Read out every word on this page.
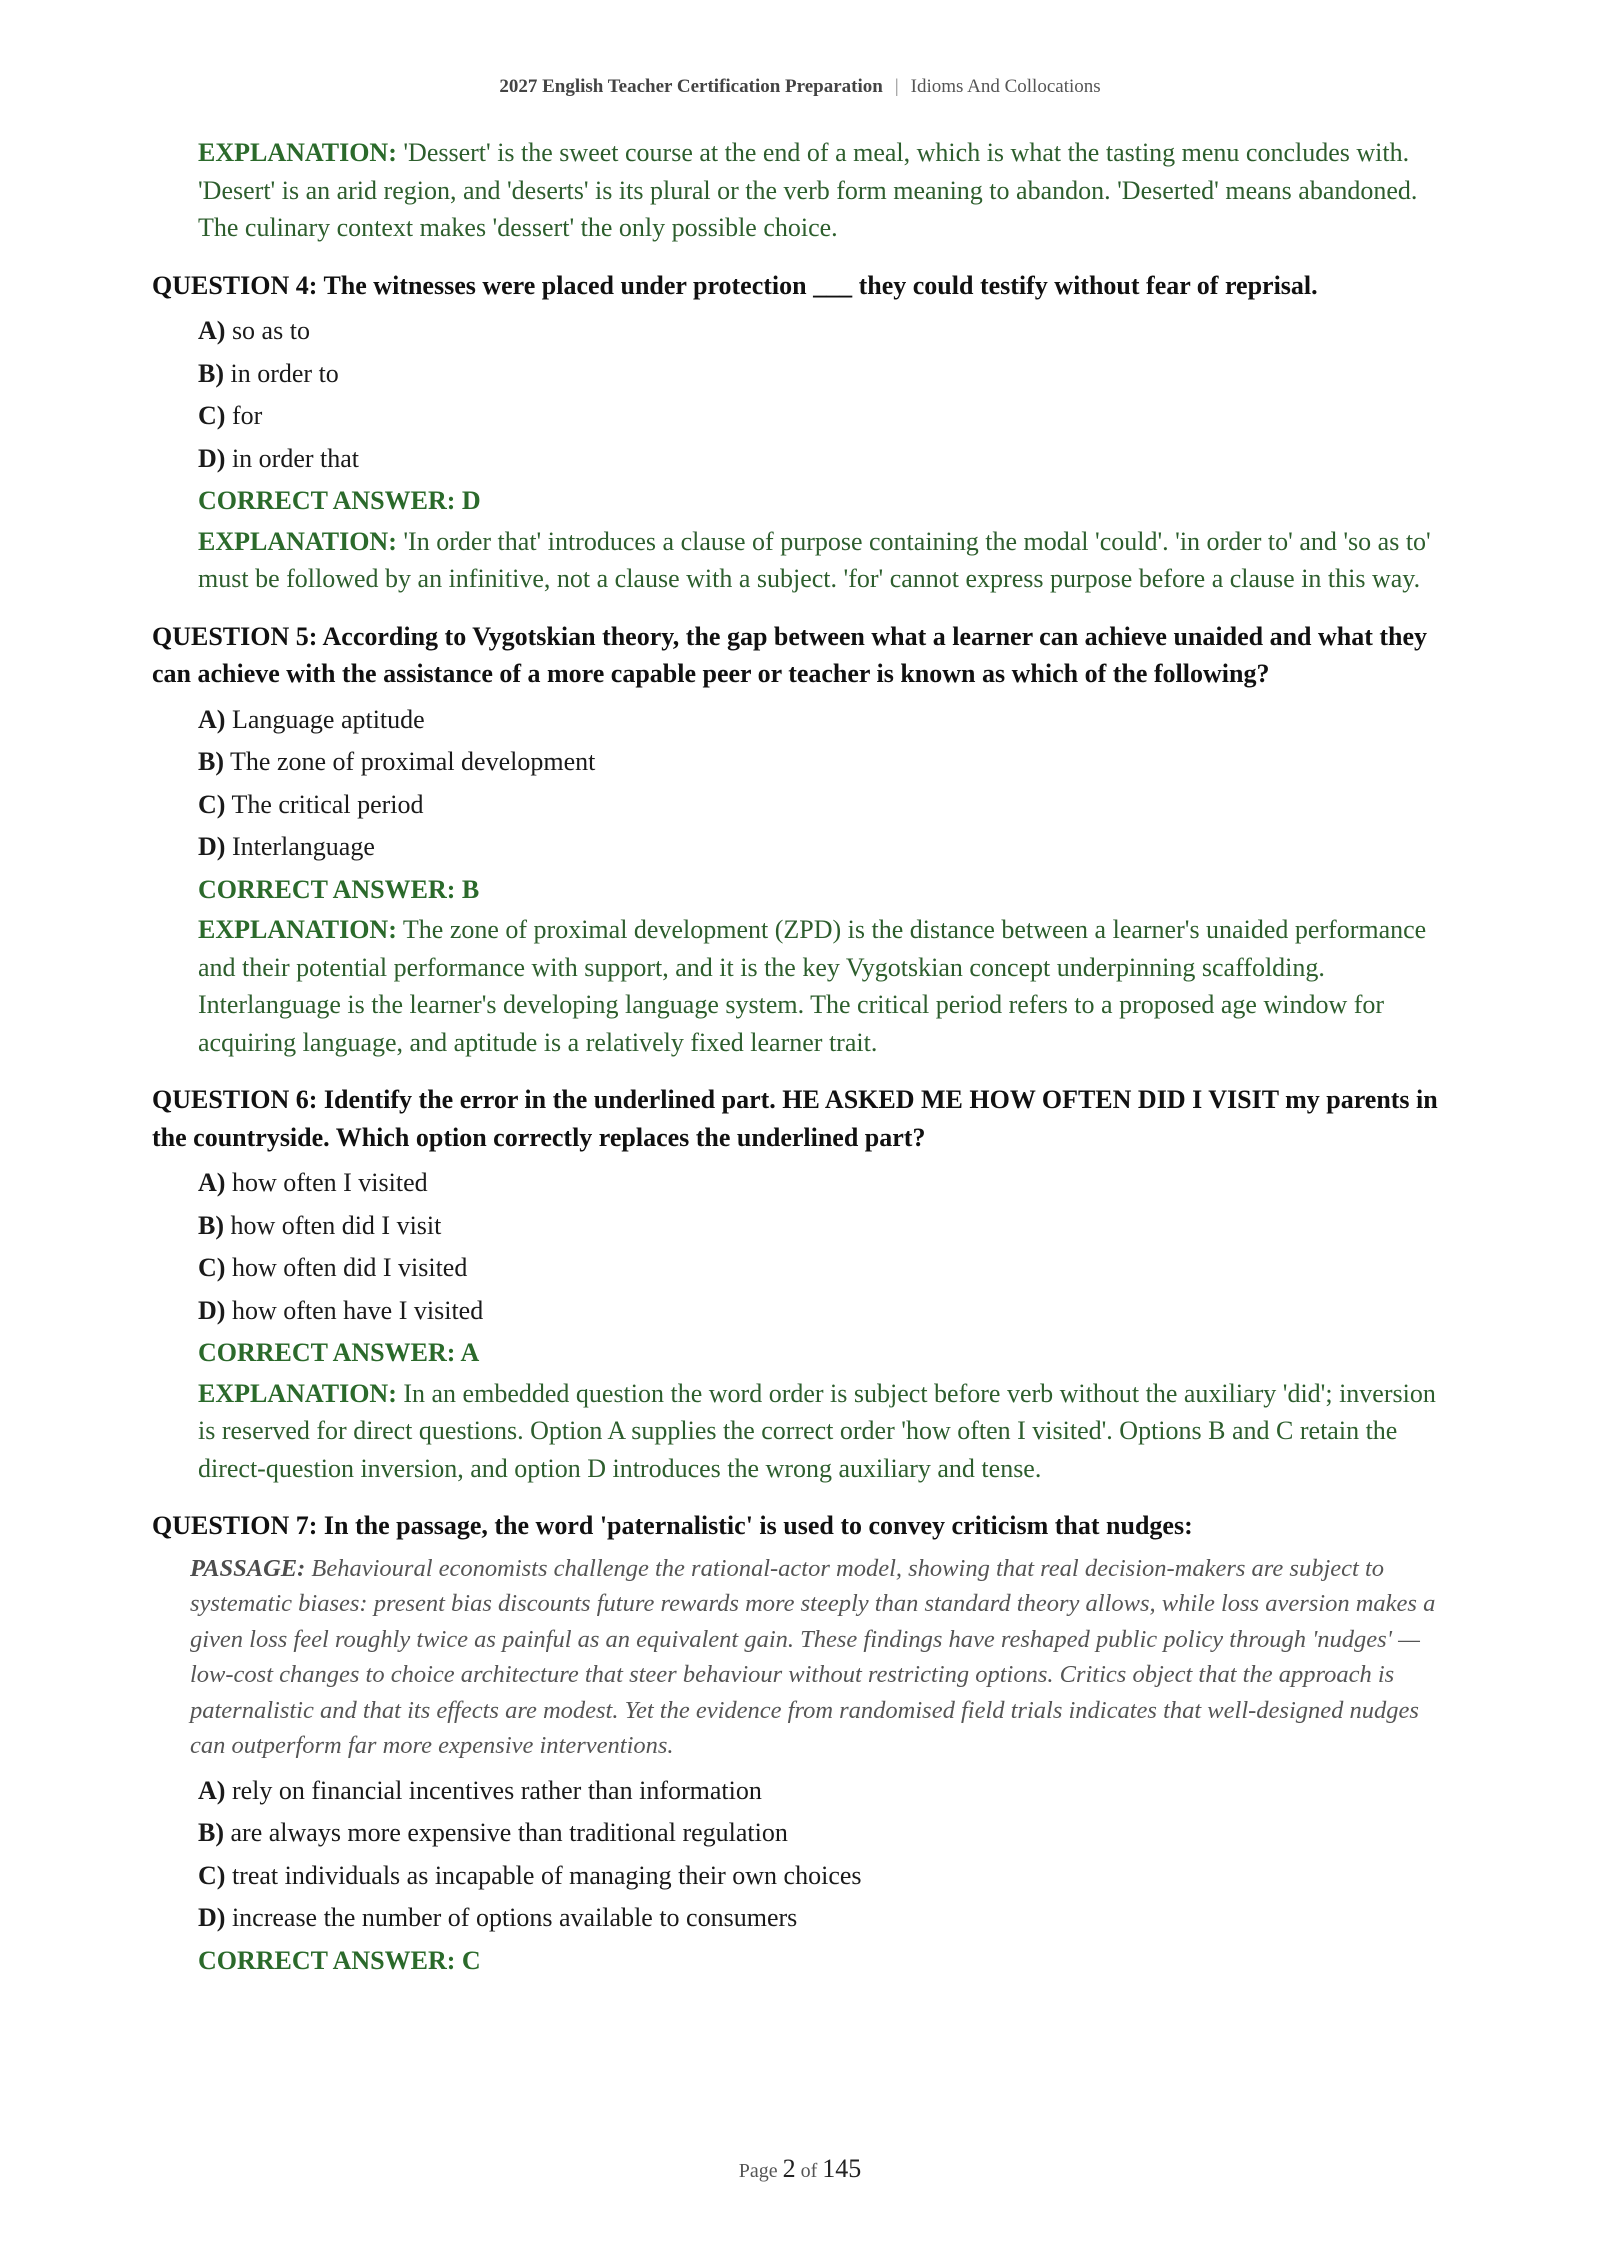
2027 English Teacher Certification Preparation | Idioms And Collocations
EXPLANATION: 'Dessert' is the sweet course at the end of a meal, which is what the tasting menu concludes with. 'Desert' is an arid region, and 'deserts' is its plural or the verb form meaning to abandon. 'Deserted' means abandoned. The culinary context makes 'dessert' the only possible choice.
QUESTION 4: The witnesses were placed under protection ___ they could testify without fear of reprisal.
A) so as to
B) in order to
C) for
D) in order that
CORRECT ANSWER: D
EXPLANATION: 'In order that' introduces a clause of purpose containing the modal 'could'. 'in order to' and 'so as to' must be followed by an infinitive, not a clause with a subject. 'for' cannot express purpose before a clause in this way.
QUESTION 5: According to Vygotskian theory, the gap between what a learner can achieve unaided and what they can achieve with the assistance of a more capable peer or teacher is known as which of the following?
A) Language aptitude
B) The zone of proximal development
C) The critical period
D) Interlanguage
CORRECT ANSWER: B
EXPLANATION: The zone of proximal development (ZPD) is the distance between a learner's unaided performance and their potential performance with support, and it is the key Vygotskian concept underpinning scaffolding. Interlanguage is the learner's developing language system. The critical period refers to a proposed age window for acquiring language, and aptitude is a relatively fixed learner trait.
QUESTION 6: Identify the error in the underlined part. HE ASKED ME HOW OFTEN DID I VISIT my parents in the countryside. Which option correctly replaces the underlined part?
A) how often I visited
B) how often did I visit
C) how often did I visited
D) how often have I visited
CORRECT ANSWER: A
EXPLANATION: In an embedded question the word order is subject before verb without the auxiliary 'did'; inversion is reserved for direct questions. Option A supplies the correct order 'how often I visited'. Options B and C retain the direct-question inversion, and option D introduces the wrong auxiliary and tense.
QUESTION 7: In the passage, the word 'paternalistic' is used to convey criticism that nudges:
PASSAGE: Behavioural economists challenge the rational-actor model, showing that real decision-makers are subject to systematic biases: present bias discounts future rewards more steeply than standard theory allows, while loss aversion makes a given loss feel roughly twice as painful as an equivalent gain. These findings have reshaped public policy through 'nudges' — low-cost changes to choice architecture that steer behaviour without restricting options. Critics object that the approach is paternalistic and that its effects are modest. Yet the evidence from randomised field trials indicates that well-designed nudges can outperform far more expensive interventions.
A) rely on financial incentives rather than information
B) are always more expensive than traditional regulation
C) treat individuals as incapable of managing their own choices
D) increase the number of options available to consumers
CORRECT ANSWER: C
Page 2 of 145
